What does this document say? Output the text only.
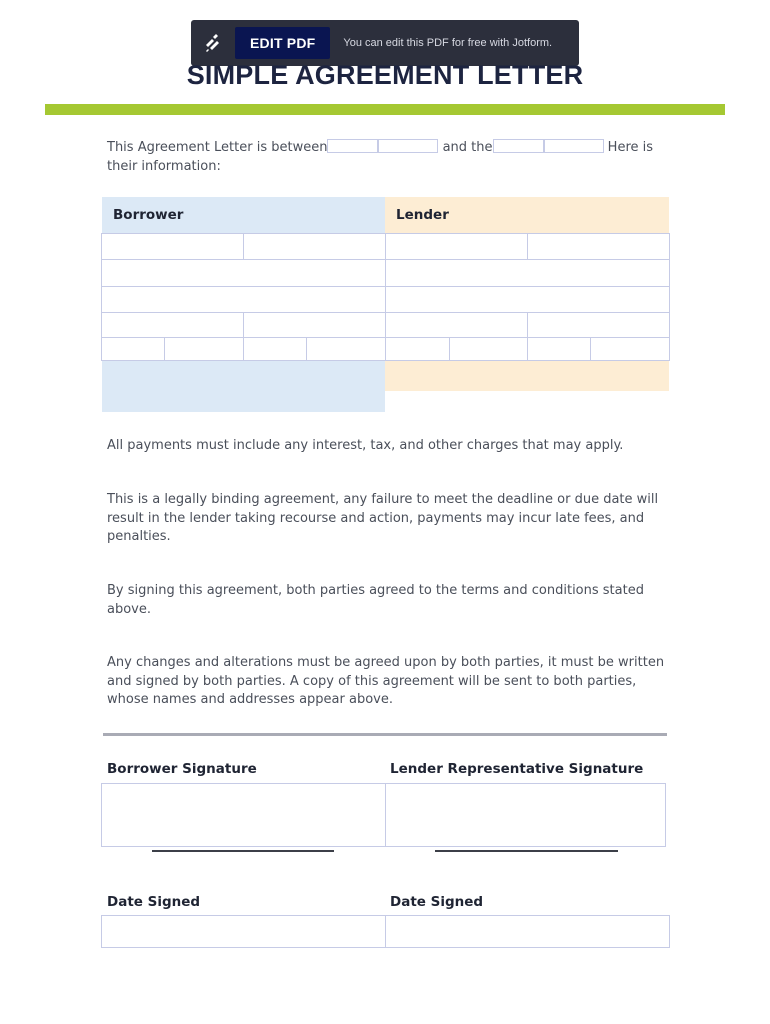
EDIT PDF	You can edit this PDF for free with Jotform.
SIMPLE AGREEMENT LETTER
This Agreement Letter is between	and the	Here is their information:
Borrower	Lender
All payments must include any interest, tax, and other charges that may apply.
This is a legally binding agreement, any failure to meet the deadline or due date will result in the lender taking recourse and action, payments may incur late fees, and penalties.
By signing this agreement, both parties agreed to the terms and conditions stated above.
Any changes and alterations must be agreed upon by both parties, it must be written and signed by both parties. A copy of this agreement will be sent to both parties, whose names and addresses appear above.
Borrower Signature	Lender Representative Signature
Date Signed	Date Signed
